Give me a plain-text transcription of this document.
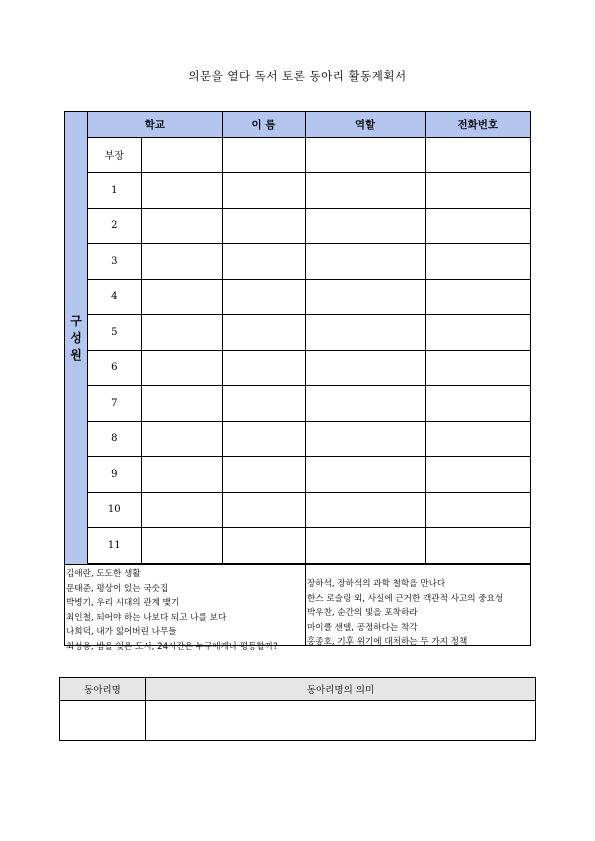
의문을 열다 독서 토론 동아리 활동계획서
구성원
학교		이 름	역할	전화번호
부장				
1				
2				
3				
4				
5				
6				
7				
8				
9				
10				
11				
김애란, 도도한 생활
문태준, 평상이 있는 국숫집
박병기, 우리 시대의 관계 맺기
최인철, 되어야 하는 나보다 되고 나를 보다
나희덕, 내가 잃어버린 나무들
최성용, 밤을 잊은 도시, 24시간은 누구에게나 평등할까?
장하석, 장하석의 과학 철학을 만나다
한스 로슬링 외, 사실에 근거한 객관적 사고의 중요성
박우찬, 순간의 빛을 포착하라
마이클 샌델, 공정하다는 착각
홍종호, 기후 위기에 대처하는 두 가지 정책
동아리명	동아리명의 의미
